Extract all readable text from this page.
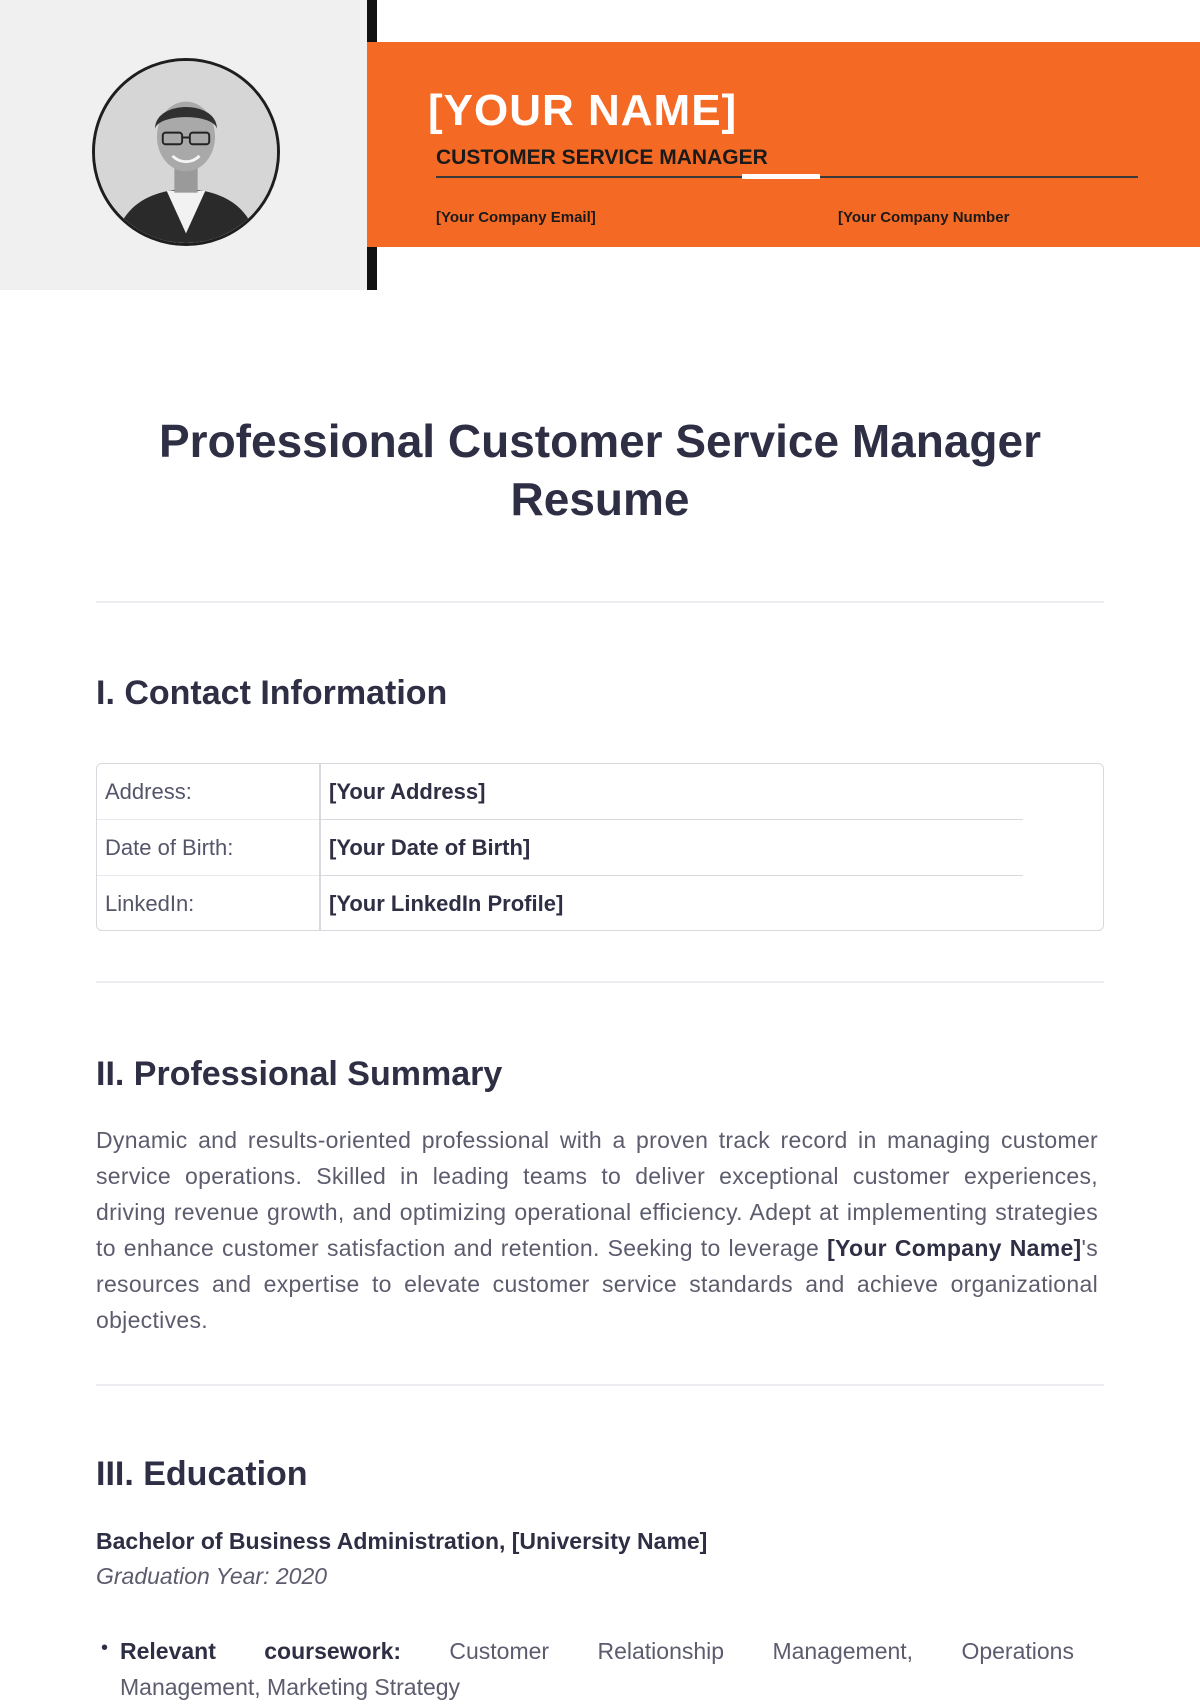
[YOUR NAME]
CUSTOMER SERVICE MANAGER
[Your Company Email]	[Your Company Number
Professional Customer Service Manager
Resume
I. Contact Information
Address:	[Your Address]
Date of Birth:	[Your Date of Birth]
LinkedIn:	[Your LinkedIn Profile]
II. Professional Summary
Dynamic and results-oriented professional with a proven track record in managing customer service operations. Skilled in leading teams to deliver exceptional customer experiences, driving revenue growth, and optimizing operational efficiency. Adept at implementing strategies to enhance customer satisfaction and retention. Seeking to leverage [Your Company Name]'s resources and expertise to elevate customer service standards and achieve organizational objectives.
III. Education
Bachelor of Business Administration, [University Name]
Graduation Year: 2020
• Relevant coursework: Customer Relationship Management, Operations
Management, Marketing Strategy
